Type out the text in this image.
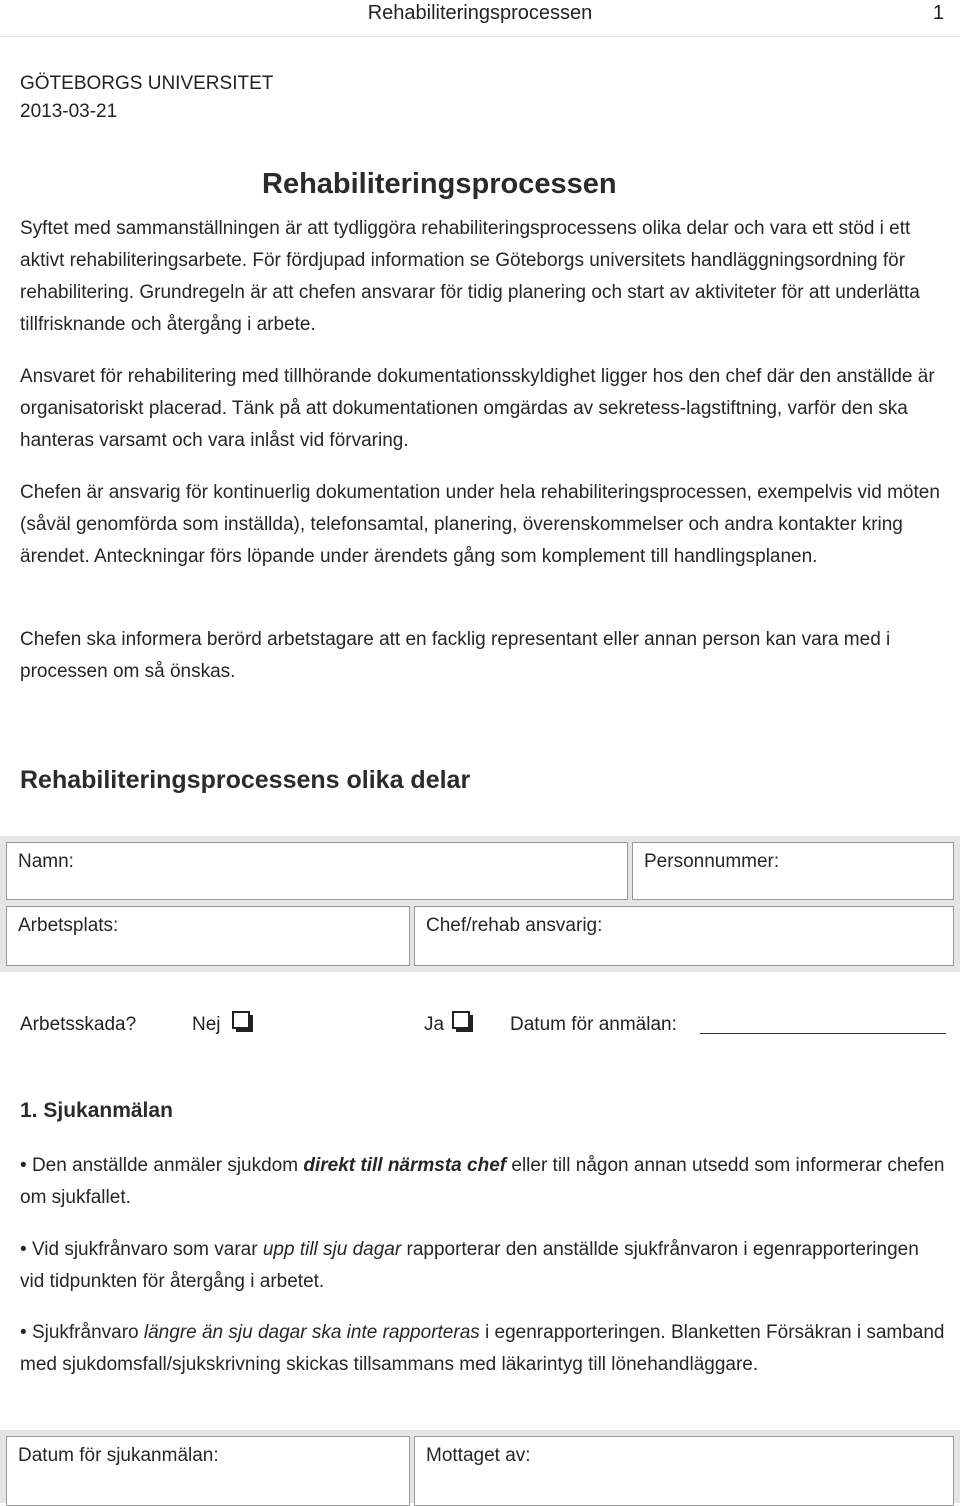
Rehabiliteringsprocessen	1
GÖTEBORGS UNIVERSITET
2013-03-21
Rehabiliteringsprocessen

Syftet med sammanställningen är att tydliggöra rehabiliteringsprocessens olika delar och vara ett stöd i ett aktivt rehabiliteringsarbete. För fördjupad information se Göteborgs universitets handläggningsordning för rehabilitering. Grundregeln är att chefen ansvarar för tidig planering och start av aktiviteter för att underlätta tillfrisknande och återgång i arbete.

Ansvaret för rehabilitering med tillhörande dokumentationsskyldighet ligger hos den chef där den anställde är organisatoriskt placerad. Tänk på att dokumentationen omgärdas av sekretess-lagstiftning, varför den ska hanteras varsamt och vara inlåst vid förvaring.

Chefen är ansvarig för kontinuerlig dokumentation under hela rehabiliteringsprocessen, exempelvis vid möten (såväl genomförda som inställda), telefonsamtal, planering, överenskommelser och andra kontakter kring ärendet. Anteckningar förs löpande under ärendets gång som komplement till handlingsplanen.

Chefen ska informera berörd arbetstagare att en facklig representant eller annan person kan vara med i processen om så önskas.

Rehabiliteringsprocessens olika delar
Namn:	Personnummer:
Arbetsplats:	Chef/rehab ansvarig:
Arbetsskada?	Nej	Ja	Datum för anmälan:
1. Sjukanmälan

• Den anställde anmäler sjukdom direkt till närmsta chef eller till någon annan utsedd som informerar chefen om sjukfallet.

• Vid sjukfrånvaro som varar upp till sju dagar rapporterar den anställde sjukfrånvaron i egenrapporteringen vid tidpunkten för återgång i arbetet.

• Sjukfrånvaro längre än sju dagar ska inte rapporteras i egenrapporteringen. Blanketten Försäkran i samband med sjukdomsfall/sjukskrivning skickas tillsammans med läkarintyg till lönehandläggare.

Datum för sjukanmälan:	Mottaget av:
